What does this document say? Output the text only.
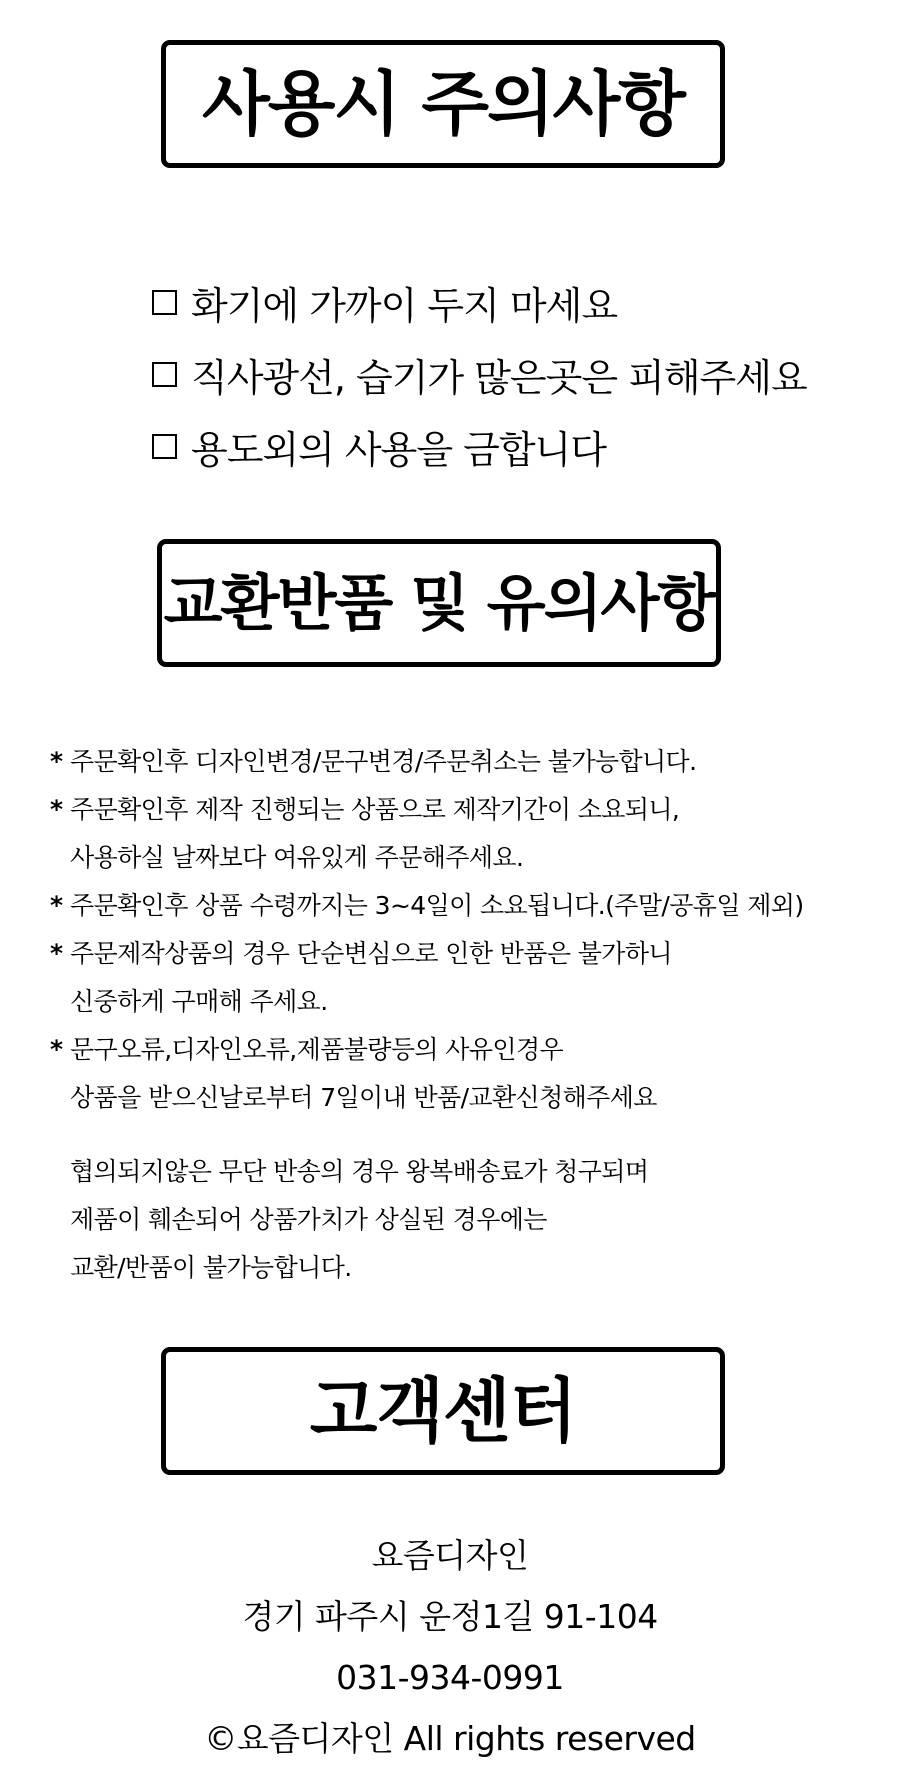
사용시 주의사항
화기에 가까이 두지 마세요
직사광선, 습기가 많은곳은 피해주세요
용도외의 사용을 금합니다
교환반품 및 유의사항
* 주문확인후 디자인변경/문구변경/주문취소는 불가능합니다.
* 주문확인후 제작 진행되는 상품으로 제작기간이 소요되니,
사용하실 날짜보다 여유있게 주문해주세요.
* 주문확인후 상품 수령까지는 3~4일이 소요됩니다.(주말/공휴일 제외)
* 주문제작상품의 경우 단순변심으로 인한 반품은 불가하니
신중하게 구매해 주세요.
* 문구오류,디자인오류,제품불량등의 사유인경우
상품을 받으신날로부터 7일이내 반품/교환신청해주세요
협의되지않은 무단 반송의 경우 왕복배송료가 청구되며
제품이 훼손되어 상품가치가 상실된 경우에는
교환/반품이 불가능합니다.
고객센터
요즘디자인
경기 파주시 운정1길 91-104
031-934-0991
©요즘디자인 All rights reserved
